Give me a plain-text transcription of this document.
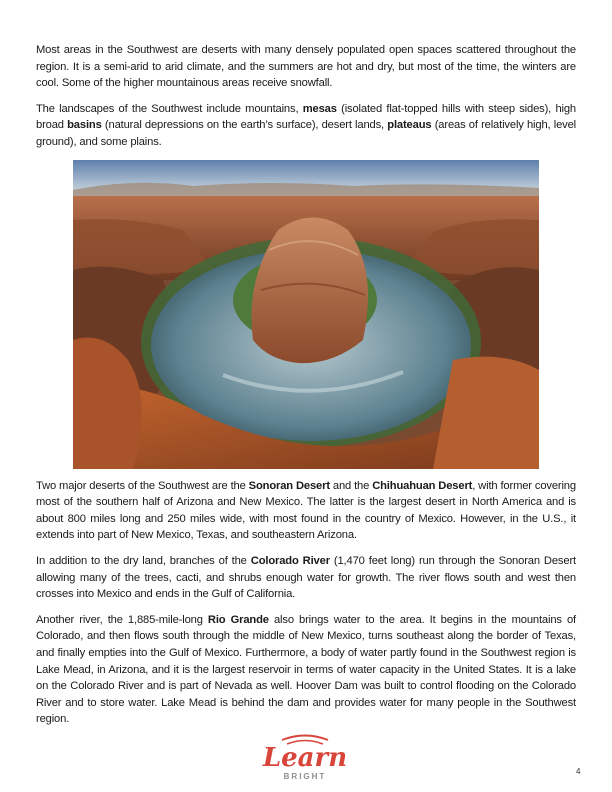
Most areas in the Southwest are deserts with many densely populated open spaces scattered throughout the region. It is a semi-arid to arid climate, and the summers are hot and dry, but most of the time, the winters are cool. Some of the higher mountainous areas receive snowfall.

The landscapes of the Southwest include mountains, mesas (isolated flat-topped hills with steep sides), high broad basins (natural depressions on the earth’s surface), desert lands, plateaus (areas of relatively high, level ground), and some plains.

Two major deserts of the Southwest are the Sonoran Desert and the Chihuahuan Desert, with former covering most of the southern half of Arizona and New Mexico. The latter is the largest desert in North America and is about 800 miles long and 250 miles wide, with most found in the country of Mexico. However, in the U.S., it extends into part of New Mexico, Texas, and southeastern Arizona.

In addition to the dry land, branches of the Colorado River (1,470 feet long) run through the Sonoran Desert allowing many of the trees, cacti, and shrubs enough water for growth. The river flows south and west then crosses into Mexico and ends in the Gulf of California.

Another river, the 1,885-mile-long Rio Grande also brings water to the area. It begins in the mountains of Colorado, and then flows south through the middle of New Mexico, turns southeast along the border of Texas, and finally empties into the Gulf of Mexico. Furthermore, a body of water partly found in the Southwest region is Lake Mead, in Arizona, and it is the largest reservoir in terms of water capacity in the United States. It is a lake on the Colorado River and is part of Nevada as well. Hoover Dam was built to control flooding on the Colorado River and to store water. Lake Mead is behind the dam and provides water for many people in the Southwest region.

Learn
BRIGHT
4
